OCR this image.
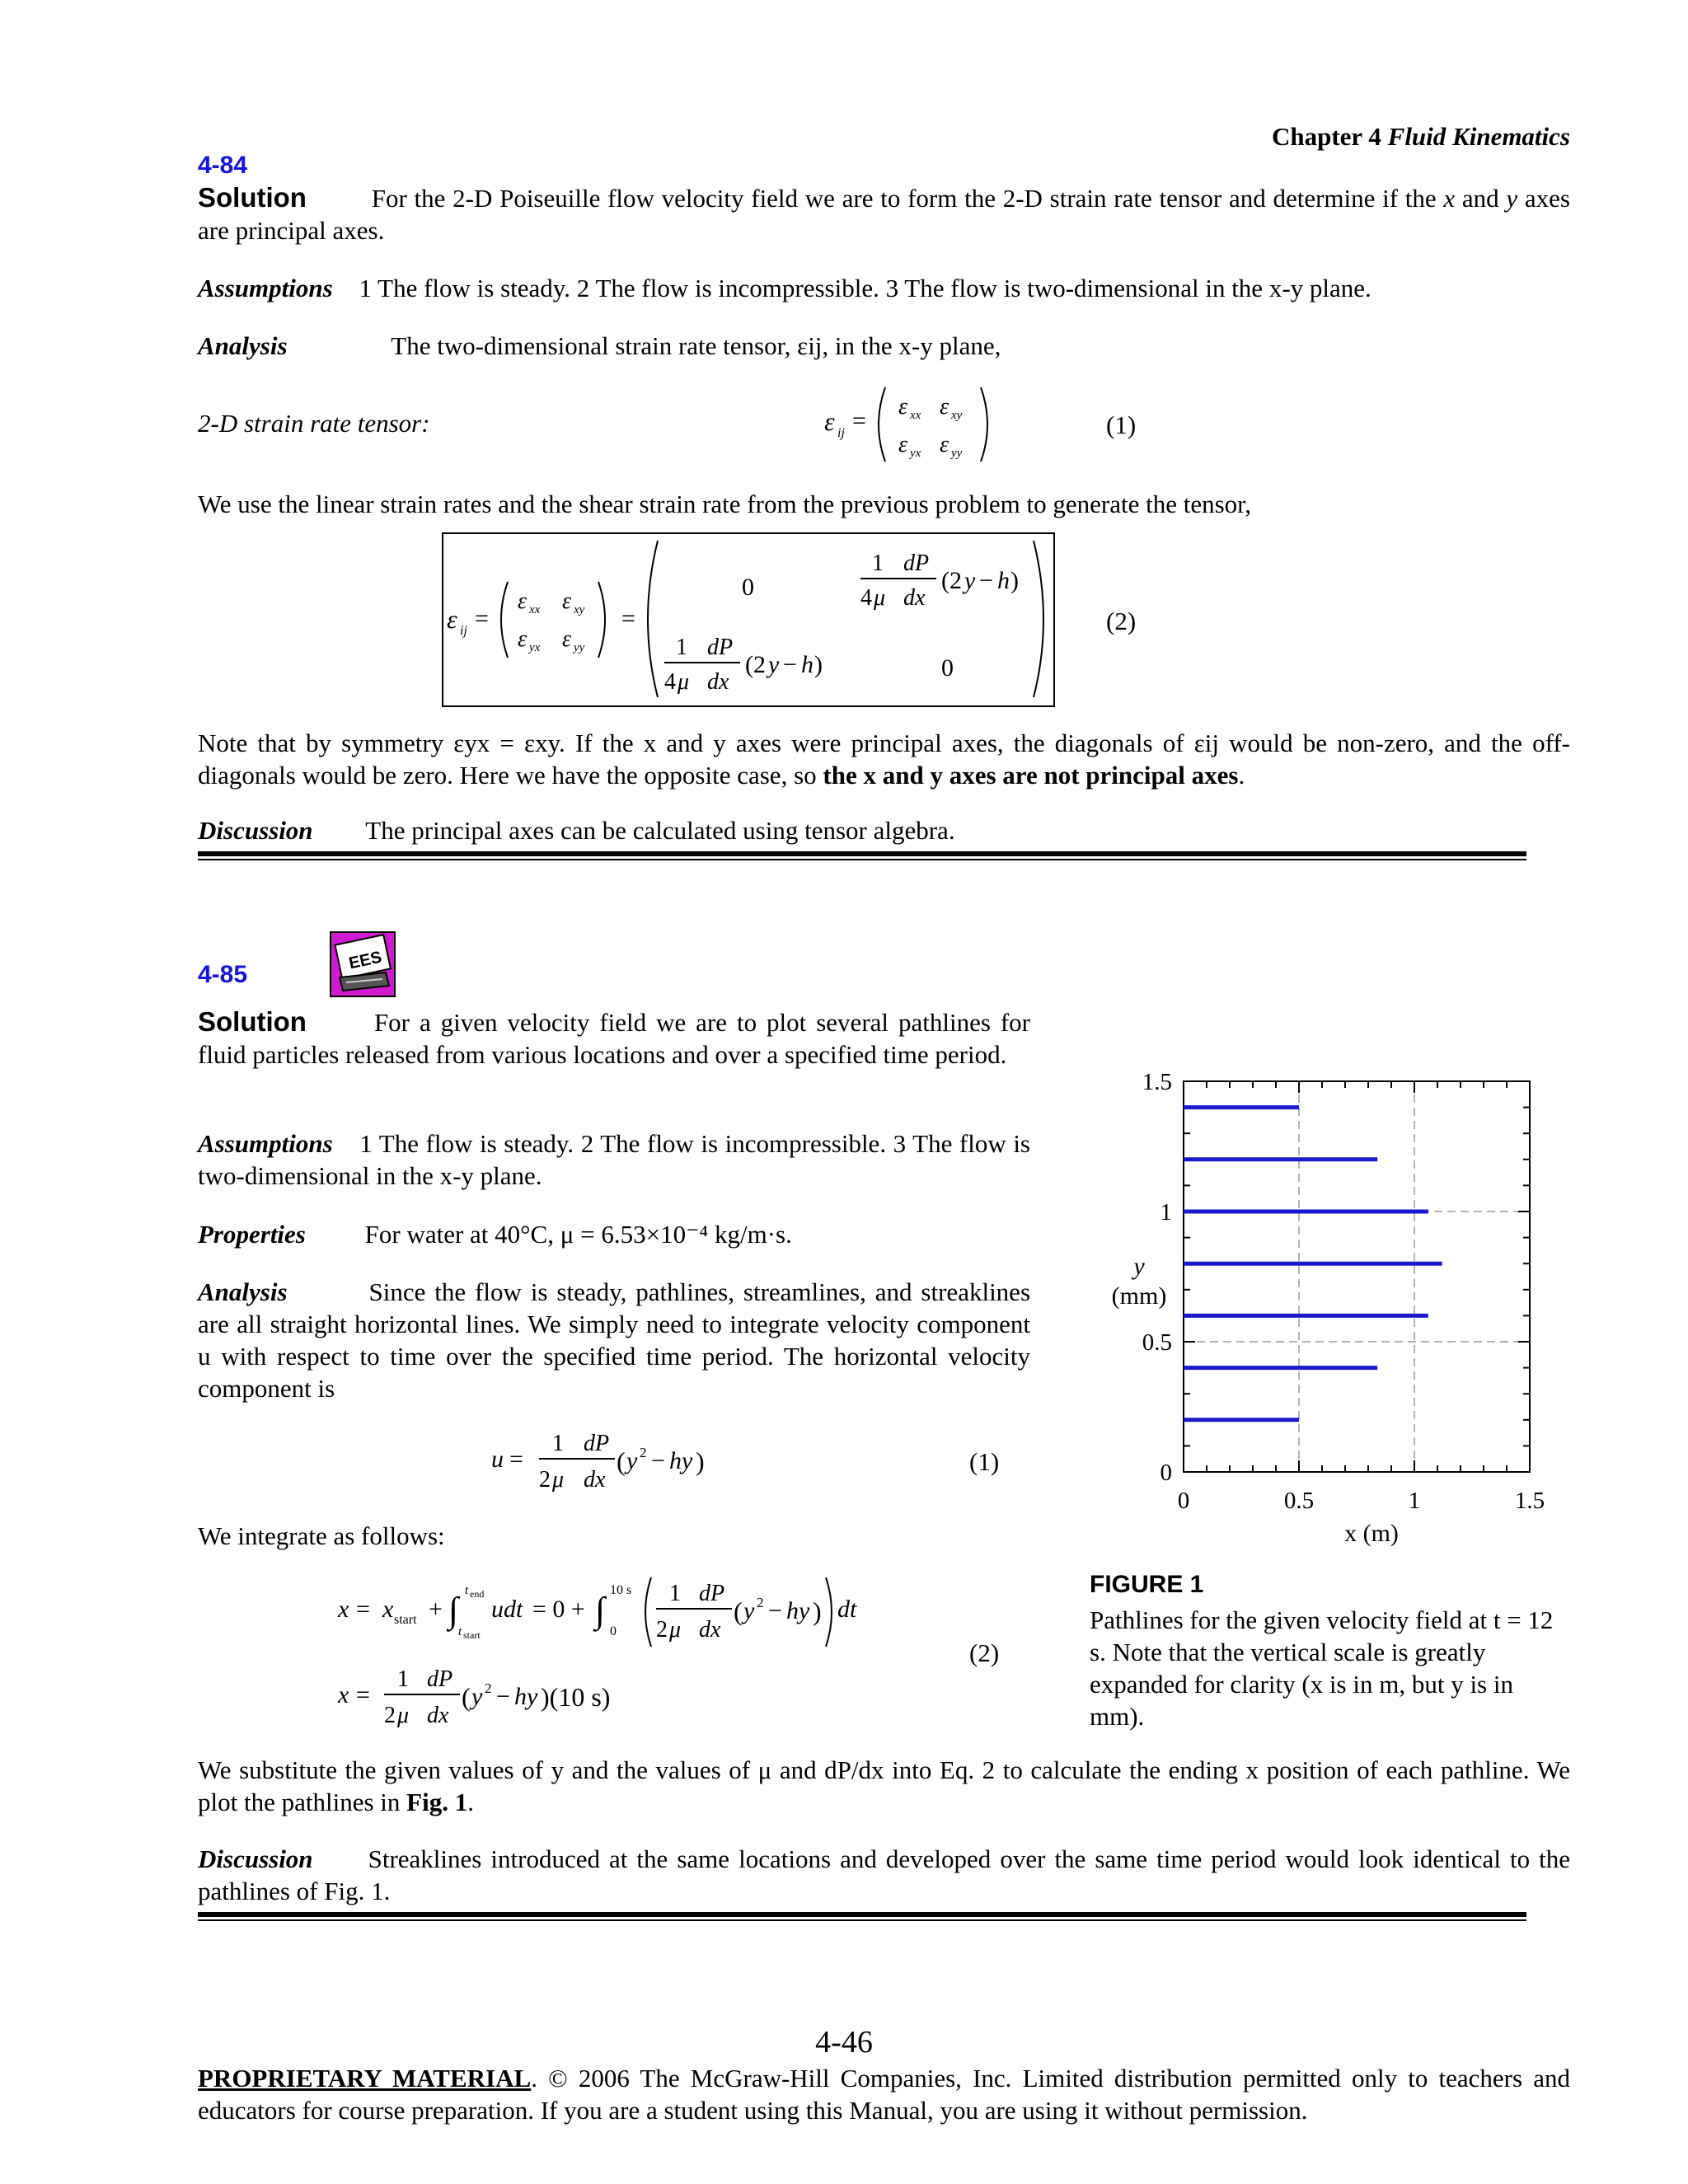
Chapter 4 Fluid Kinematics
4-84
Solution	For the 2-D Poiseuille flow velocity field we are to form the 2-D strain rate tensor and determine if the x and y axes are principal axes.
Assumptions 1 The flow is steady. 2 The flow is incompressible. 3 The flow is two-dimensional in the x-y plane.
Analysis	The two-dimensional strain rate tensor, εij, in the x-y plane,
2-D strain rate tensor:	ε ij =
ε xx ε xy
ε yx ε yy
(1)
We use the linear strain rates and the shear strain rate from the previous problem to generate the tensor,
ε ij =
ε xx ε xy
ε yx ε yy
=
0
1 dP
4 μ dx
(2 y − h )
1 dP
4 μ dx
(2 y − h )	0
(2)
Note that by symmetry εyx = εxy. If the x and y axes were principal axes, the diagonals of εij would be non-zero, and the off-diagonals would be zero. Here we have the opposite case, so the x and y axes are not principal axes.
Discussion The principal axes can be calculated using tensor algebra.
4-85
EES
Solution	For a given velocity field we are to plot several pathlines for fluid particles released from various locations and over a specified time period.
Assumptions 1 The flow is steady. 2 The flow is incompressible. 3 The flow is two-dimensional in the x-y plane.
Properties For water at 40°C, μ = 6.53×10⁻⁴ kg/m·s.
Analysis	Since the flow is steady, pathlines, streamlines, and streaklines are all straight horizontal lines. We simply need to integrate velocity component u with respect to time over the specified time period. The horizontal velocity component is
u =
1 dP
2 μ dx
( y 2 − hy )	(1)
We integrate as follows:
x = x start + ∫ t end
t start
udt = 0 + ∫ 10 s
0
1 dP
2 μ dx
( y 2 − hy ) dt
x =
1 dP
2 μ dx
( y 2 − hy )(10 s)
(2)
0	0.5	1	1.5
0
0.5
1
1.5
y
(mm)
x (m)
FIGURE 1
Pathlines for the given velocity field at t = 12 s. Note that the vertical scale is greatly expanded for clarity (x is in m, but y is in mm).
We substitute the given values of y and the values of μ and dP/dx into Eq. 2 to calculate the ending x position of each pathline. We plot the pathlines in Fig. 1.
Discussion Streaklines introduced at the same locations and developed over the same time period would look identical to the pathlines of Fig. 1.
4-46
PROPRIETARY MATERIAL. © 2006 The McGraw-Hill Companies, Inc. Limited distribution permitted only to teachers and educators for course preparation. If you are a student using this Manual, you are using it without permission.
